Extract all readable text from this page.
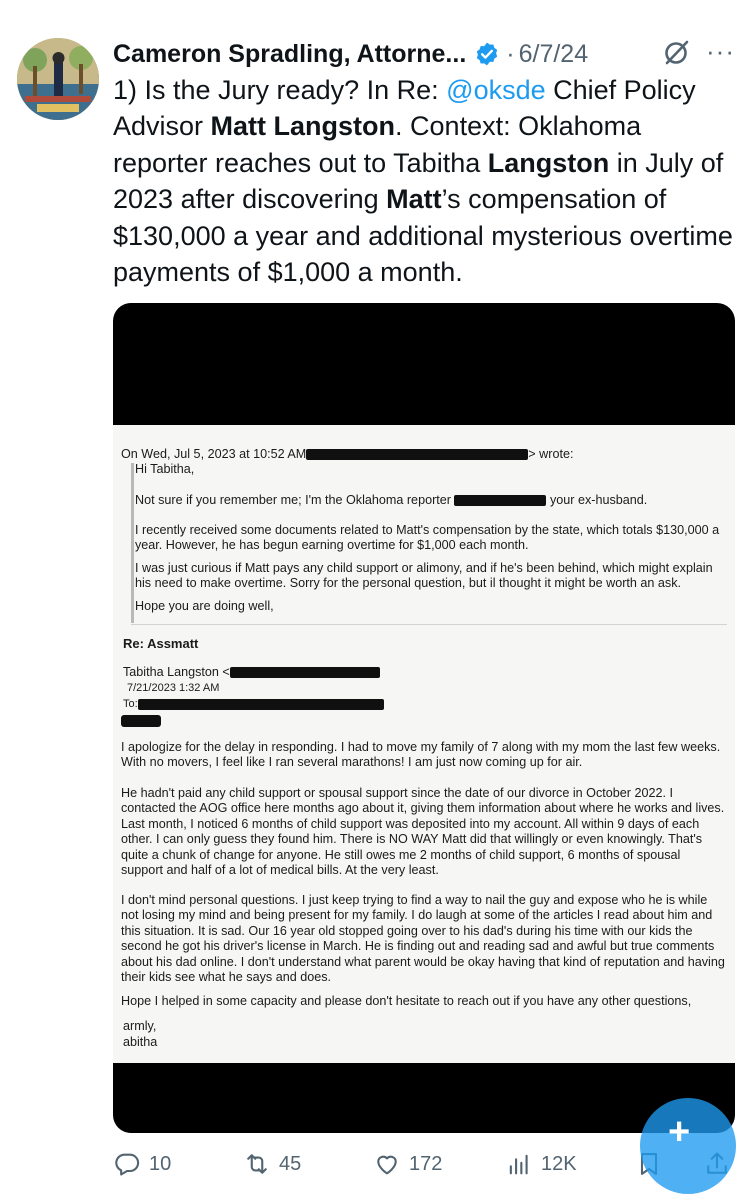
Cameron Spradling, Attorne... · 6/7/24	···
1) Is the Jury ready? In Re: @oksde Chief Policy Advisor Matt Langston. Context: Oklahoma reporter reaches out to Tabitha Langston in July of 2023 after discovering Matt’s compensation of $130,000 a year and additional mysterious overtime payments of $1,000 a month.
On Wed, Jul 5, 2023 at 10:52 AM	> wrote:
Hi Tabitha,
Not sure if you remember me; I'm the Oklahoma reporter	your ex-husband.
I recently received some documents related to Matt's compensation by the state, which totals $130,000 a year. However, he has begun earning overtime for $1,000 each month.
I was just curious if Matt pays any child support or alimony, and if he's been behind, which might explain his need to make overtime. Sorry for the personal question, but il thought it might be worth an ask.
Hope you are doing well,
Re: Assmatt
Tabitha Langston <
7/21/2023 1:32 AM
To:
I apologize for the delay in responding. I had to move my family of 7 along with my mom the last few weeks. With no movers, I feel like I ran several marathons! I am just now coming up for air.
He hadn't paid any child support or spousal support since the date of our divorce in October 2022. I contacted the AOG office here months ago about it, giving them information about where he works and lives. Last month, I noticed 6 months of child support was deposited into my account. All within 9 days of each other. I can only guess they found him. There is NO WAY Matt did that willingly or even knowingly. That's quite a chunk of change for anyone. He still owes me 2 months of child support, 6 months of spousal support and half of a lot of medical bills. At the very least.
I don't mind personal questions. I just keep trying to find a way to nail the guy and expose who he is while not losing my mind and being present for my family. I do laugh at some of the articles I read about him and this situation. It is sad. Our 16 year old stopped going over to his dad's during his time with our kids the second he got his driver's license in March. He is finding out and reading sad and awful but true comments about his dad online. I don't understand what parent would be okay having that kind of reputation and having their kids see what he says and does.
Hope I helped in some capacity and please don't hesitate to reach out if you have any other questions,
armly,
abitha
10	45	172	12K
+
